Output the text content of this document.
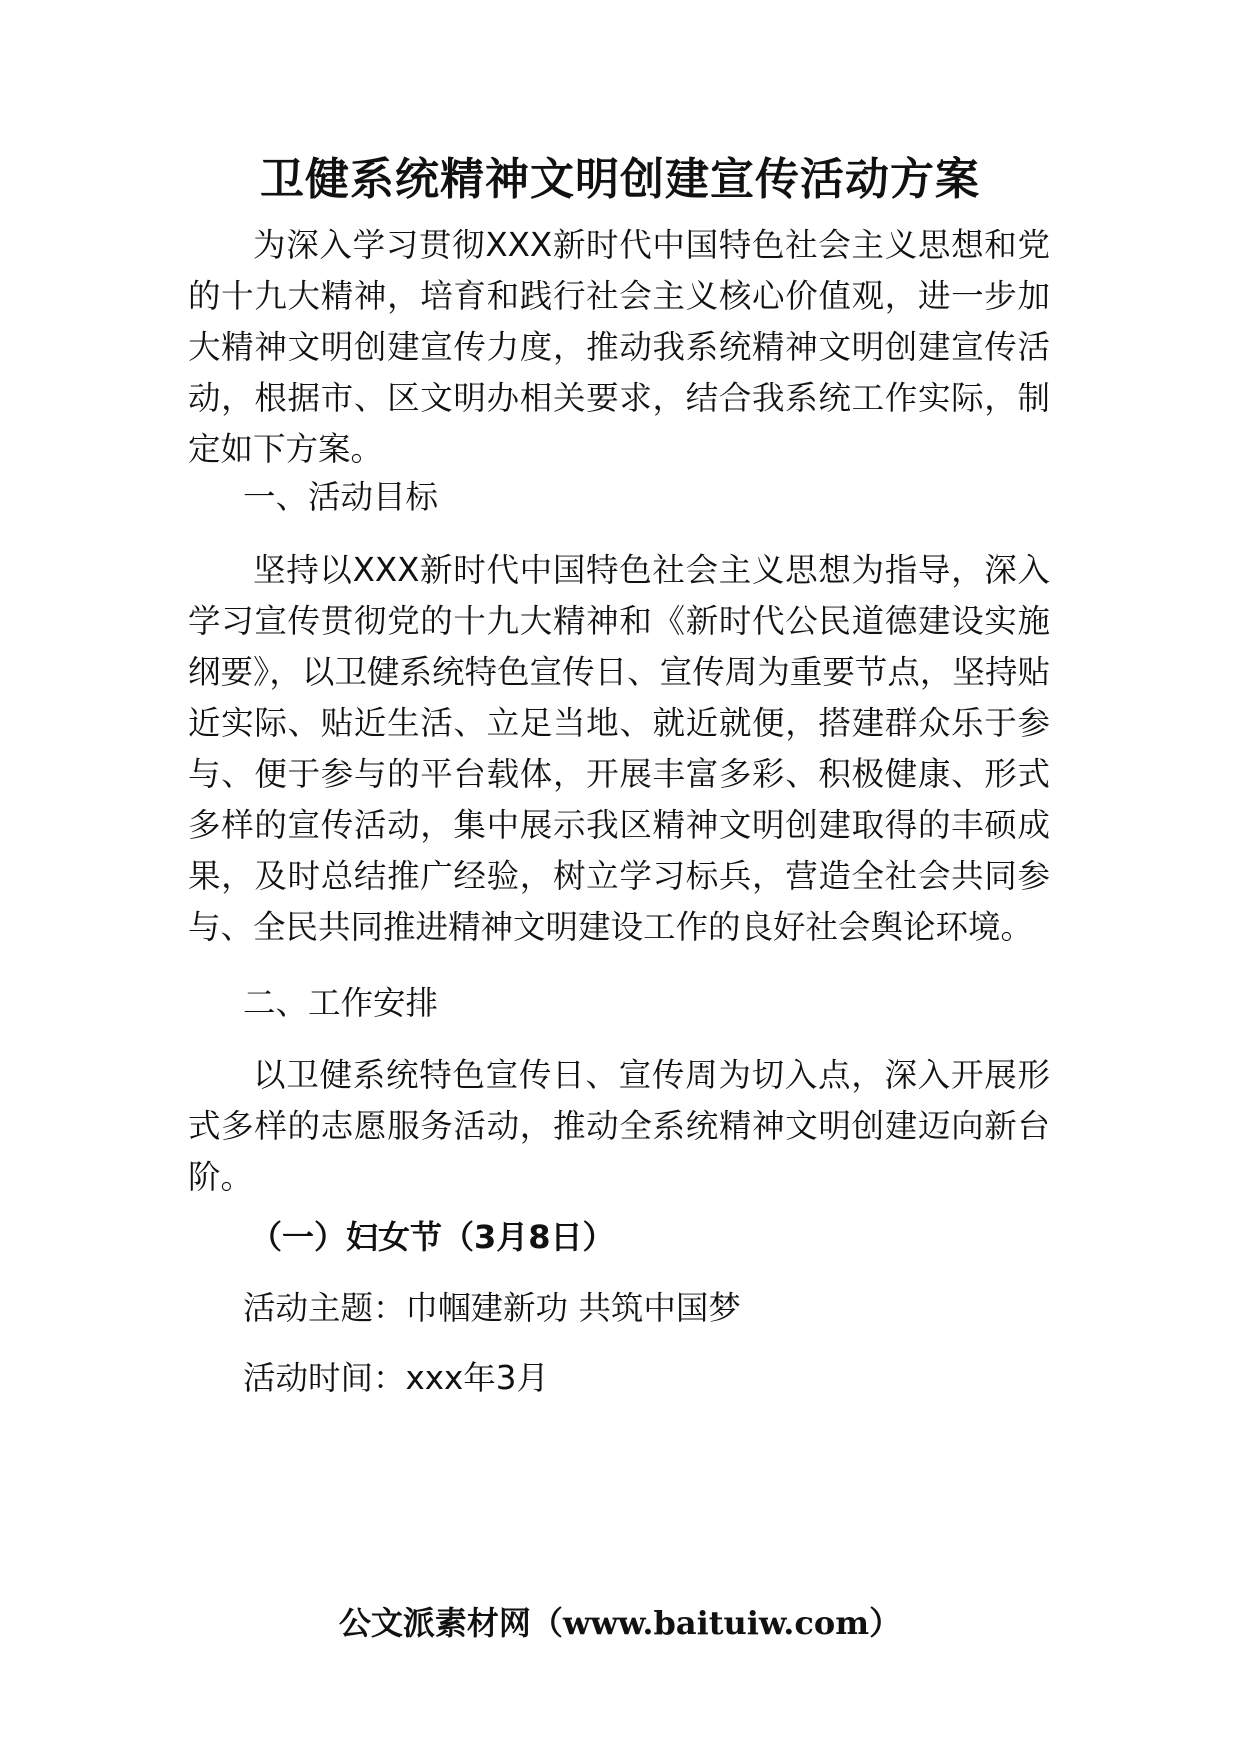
卫健系统精神文明创建宣传活动方案

为深入学习贯彻XXX新时代中国特色社会主义思想和党的十九大精神，培育和践行社会主义核心价值观，进一步加大精神文明创建宣传力度，推动我系统精神文明创建宣传活动，根据市、区文明办相关要求，结合我系统工作实际，制定如下方案。

一、活动目标

坚持以XXX新时代中国特色社会主义思想为指导，深入学习宣传贯彻党的十九大精神和《新时代公民道德建设实施纲要》，以卫健系统特色宣传日、宣传周为重要节点，坚持贴近实际、贴近生活、立足当地、就近就便，搭建群众乐于参与、便于参与的平台载体，开展丰富多彩、积极健康、形式多样的宣传活动，集中展示我区精神文明创建取得的丰硕成果，及时总结推广经验，树立学习标兵，营造全社会共同参与、全民共同推进精神文明建设工作的良好社会舆论环境。

二、工作安排

以卫健系统特色宣传日、宣传周为切入点，深入开展形式多样的志愿服务活动，推动全系统精神文明创建迈向新台阶。

（一）妇女节（3月8日）

活动主题：巾帼建新功 共筑中国梦

活动时间：xxx年3月

公文派素材网（www.baituiw.com）
